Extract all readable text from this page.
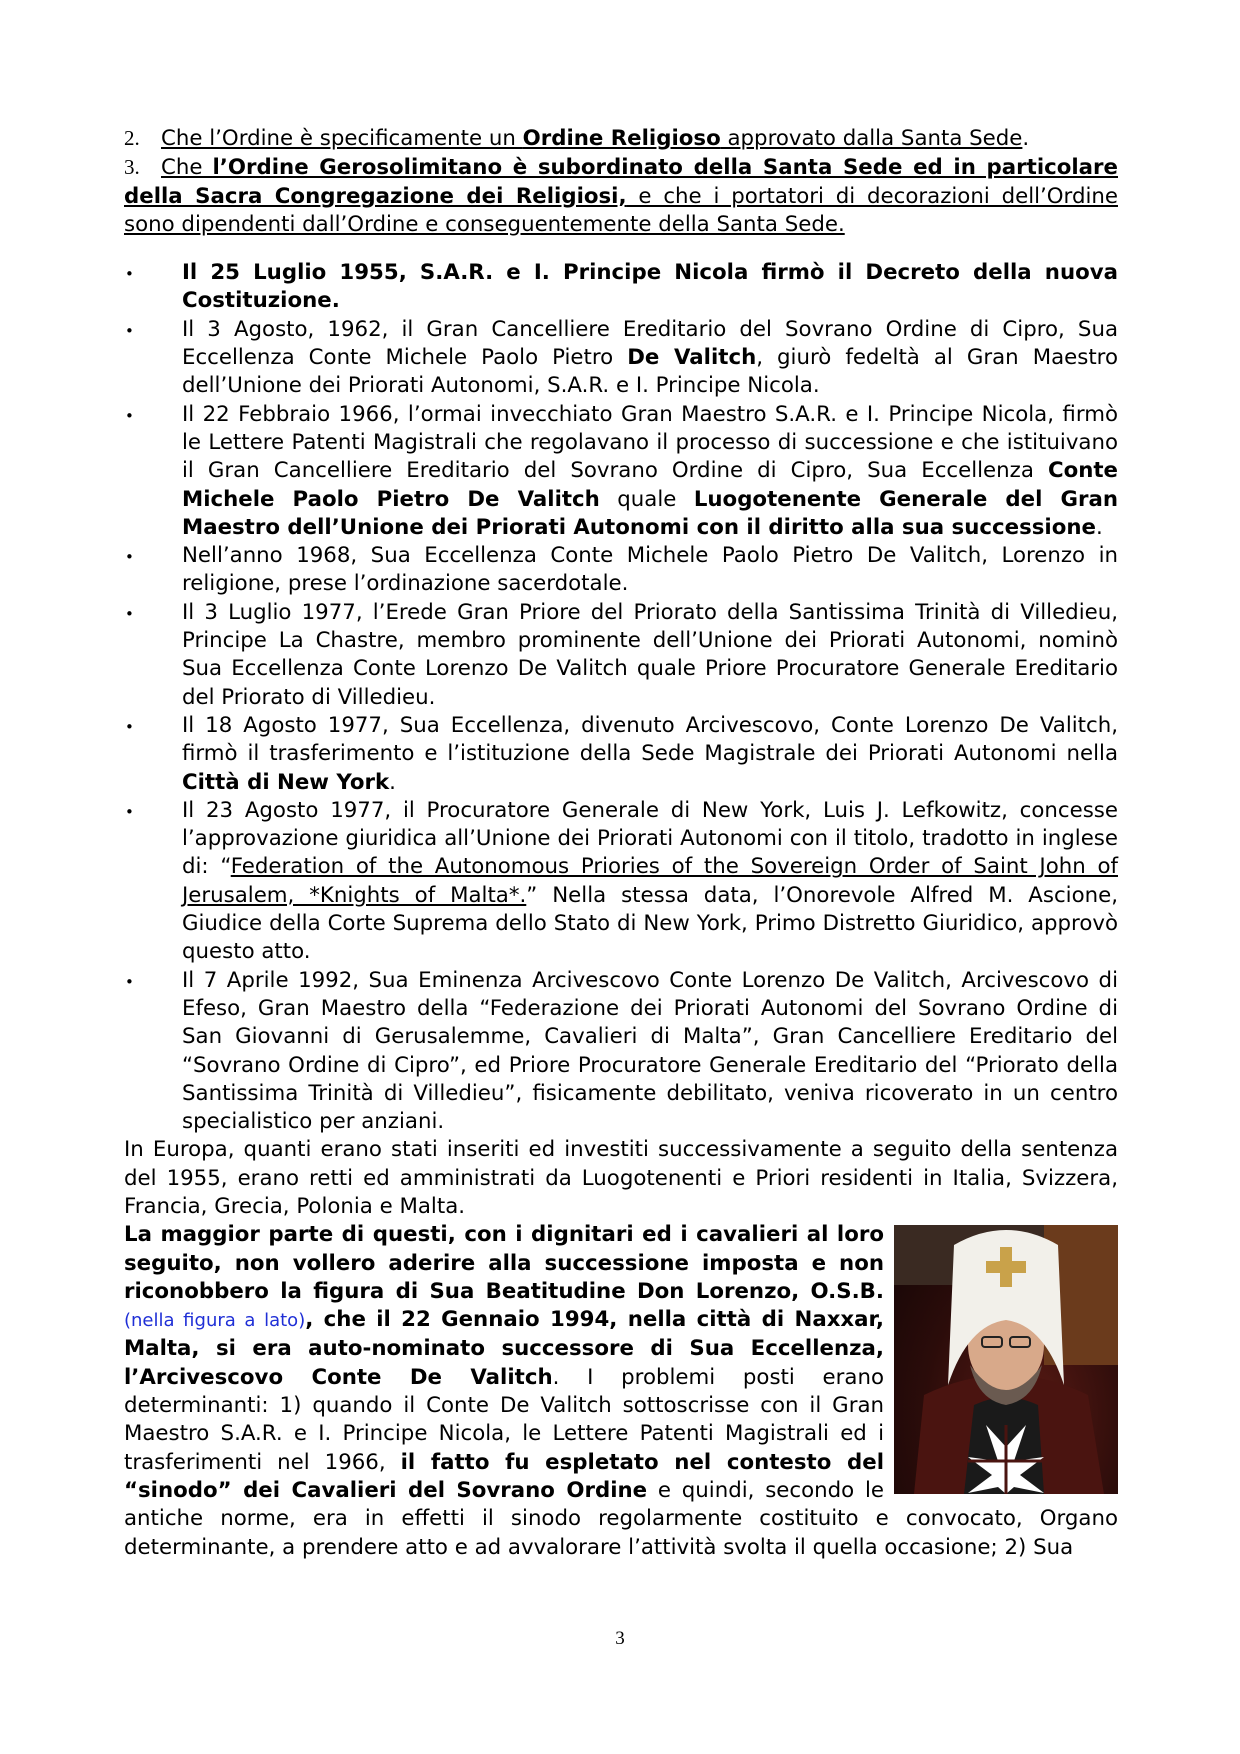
2. Che l’Ordine è specificamente un Ordine Religioso approvato dalla Santa Sede.

3. Che l’Ordine Gerosolimitano è subordinato della Santa Sede ed in particolare della Sacra Congregazione dei Religiosi, e che i portatori di decorazioni dell’Ordine sono dipendenti dall’Ordine e conseguentemente della Santa Sede.

• Il 25 Luglio 1955, S.A.R. e I. Principe Nicola firmò il Decreto della nuova Costituzione.
• Il 3 Agosto, 1962, il Gran Cancelliere Ereditario del Sovrano Ordine di Cipro, Sua Eccellenza Conte Michele Paolo Pietro De Valitch, giurò fedeltà al Gran Maestro dell’Unione dei Priorati Autonomi, S.A.R. e I. Principe Nicola.
• Il 22 Febbraio 1966, l’ormai invecchiato Gran Maestro S.A.R. e I. Principe Nicola, firmò le Lettere Patenti Magistrali che regolavano il processo di successione e che istituivano il Gran Cancelliere Ereditario del Sovrano Ordine di Cipro, Sua Eccellenza Conte Michele Paolo Pietro De Valitch quale Luogotenente Generale del Gran Maestro dell’Unione dei Priorati Autonomi con il diritto alla sua successione.
• Nell’anno 1968, Sua Eccellenza Conte Michele Paolo Pietro De Valitch, Lorenzo in religione, prese l’ordinazione sacerdotale.
• Il 3 Luglio 1977, l’Erede Gran Priore del Priorato della Santissima Trinità di Villedieu, Principe La Chastre, membro prominente dell’Unione dei Priorati Autonomi, nominò Sua Eccellenza Conte Lorenzo De Valitch quale Priore Procuratore Generale Ereditario del Priorato di Villedieu.
• Il 18 Agosto 1977, Sua Eccellenza, divenuto Arcivescovo, Conte Lorenzo De Valitch, firmò il trasferimento e l’istituzione della Sede Magistrale dei Priorati Autonomi nella Città di New York.
• Il 23 Agosto 1977, il Procuratore Generale di New York, Luis J. Lefkowitz, concesse l’approvazione giuridica all’Unione dei Priorati Autonomi con il titolo, tradotto in inglese di: “Federation of the Autonomous Priories of the Sovereign Order of Saint John of Jerusalem, *Knights of Malta*.” Nella stessa data, l’Onorevole Alfred M. Ascione, Giudice della Corte Suprema dello Stato di New York, Primo Distretto Giuridico, approvò questo atto.
• Il 7 Aprile 1992, Sua Eminenza Arcivescovo Conte Lorenzo De Valitch, Arcivescovo di Efeso, Gran Maestro della “Federazione dei Priorati Autonomi del Sovrano Ordine di San Giovanni di Gerusalemme, Cavalieri di Malta”, Gran Cancelliere Ereditario del “Sovrano Ordine di Cipro”, ed Priore Procuratore Generale Ereditario del “Priorato della Santissima Trinità di Villedieu”, fisicamente debilitato, veniva ricoverato in un centro specialistico per anziani.

In Europa, quanti erano stati inseriti ed investiti successivamente a seguito della sentenza del 1955, erano retti ed amministrati da Luogotenenti e Priori residenti in Italia, Svizzera, Francia, Grecia, Polonia e Malta.

La maggior parte di questi, con i dignitari ed i cavalieri al loro seguito, non vollero aderire alla successione imposta e non riconobbero la figura di Sua Beatitudine Don Lorenzo, O.S.B. (nella figura a lato), che il 22 Gennaio 1994, nella città di Naxxar, Malta, si era auto-nominato successore di Sua Eccellenza, l’Arcivescovo Conte De Valitch. I problemi posti erano determinanti: 1) quando il Conte De Valitch sottoscrisse con il Gran Maestro S.A.R. e I. Principe Nicola, le Lettere Patenti Magistrali ed i trasferimenti nel 1966, il fatto fu espletato nel contesto del “sinodo” dei Cavalieri del Sovrano Ordine e quindi, secondo le antiche norme, era in effetti il sinodo regolarmente costituito e convocato, Organo determinante, a prendere atto e ad avvalorare l’attività svolta il quella occasione; 2) Sua
3
